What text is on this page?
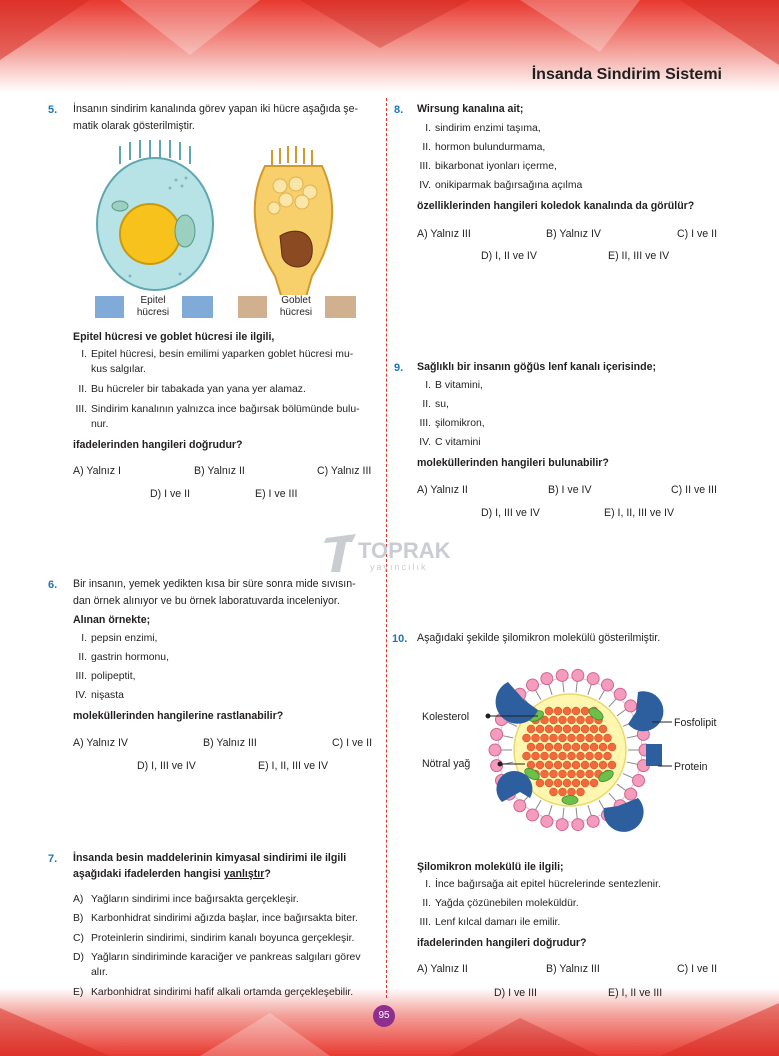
İnsanda Sindirim Sistemi
TOPRAK
yayıncılık
5. İnsanın sindirim kanalında görev yapan iki hücre aşağıda şe-
matik olarak gösterilmiştir.
Epitel
hücresi
Goblet
hücresi
Epitel hücresi ve goblet hücresi ile ilgili,
I. Epitel hücresi, besin emilimi yaparken goblet hücresi mu-
kus salgılar.
II. Bu hücreler bir tabakada yan yana yer alamaz.
III. Sindirim kanalının yalnızca ince bağırsak bölümünde bulu-
nur.
ifadelerinden hangileri doğrudur?
A) Yalnız I	B) Yalnız II	C) Yalnız III
D) I ve II	E) I ve III
6. Bir insanın, yemek yedikten kısa bir süre sonra mide sıvısın-
dan örnek alınıyor ve bu örnek laboratuvarda inceleniyor.
Alınan örnekte;
I. pepsin enzimi,
II. gastrin hormonu,
III. polipeptit,
IV. nişasta
moleküllerinden hangilerine rastlanabilir?
A) Yalnız IV	B) Yalnız III	C) I ve II
D) I, III ve IV	E) I, II, III ve IV
7. İnsanda besin maddelerinin kimyasal sindirimi ile ilgili
aşağıdaki ifadelerden hangisi yanlıştır?
A) Yağların sindirimi ince bağırsakta gerçekleşir.
B) Karbonhidrat sindirimi ağızda başlar, ince bağırsakta biter.
C) Proteinlerin sindirimi, sindirim kanalı boyunca gerçekleşir.
D) Yağların sindiriminde karaciğer ve pankreas salgıları görev
alır.
E) Karbonhidrat sindirimi hafif alkali ortamda gerçekleşebilir.
8. Wirsung kanalına ait;
I. sindirim enzimi taşıma,
II. hormon bulundurmama,
III. bikarbonat iyonları içerme,
IV. onikiparmak bağırsağına açılma
özelliklerinden hangileri koledok kanalında da görülür?
A) Yalnız III	B) Yalnız IV	C) I ve II
D) I, II ve IV	E) II, III ve IV
9. Sağlıklı bir insanın göğüs lenf kanalı içerisinde;
I. B vitamini,
II. su,
III. şilomikron,
IV. C vitamini
moleküllerinden hangileri bulunabilir?
A) Yalnız II	B) I ve IV	C) II ve III
D) I, III ve IV	E) I, II, III ve IV
10. Aşağıdaki şekilde şilomikron molekülü gösterilmiştir.
Kolesterol
Nötral yağ
Fosfolipit
Protein
Şilomikron molekülü ile ilgili;
I. İnce bağırsağa ait epitel hücrelerinde sentezlenir.
II. Yağda çözünebilen moleküldür.
III. Lenf kılcal damarı ile emilir.
ifadelerinden hangileri doğrudur?
A) Yalnız II	B) Yalnız III	C) I ve II
D) I ve III	E) I, II ve III
95
